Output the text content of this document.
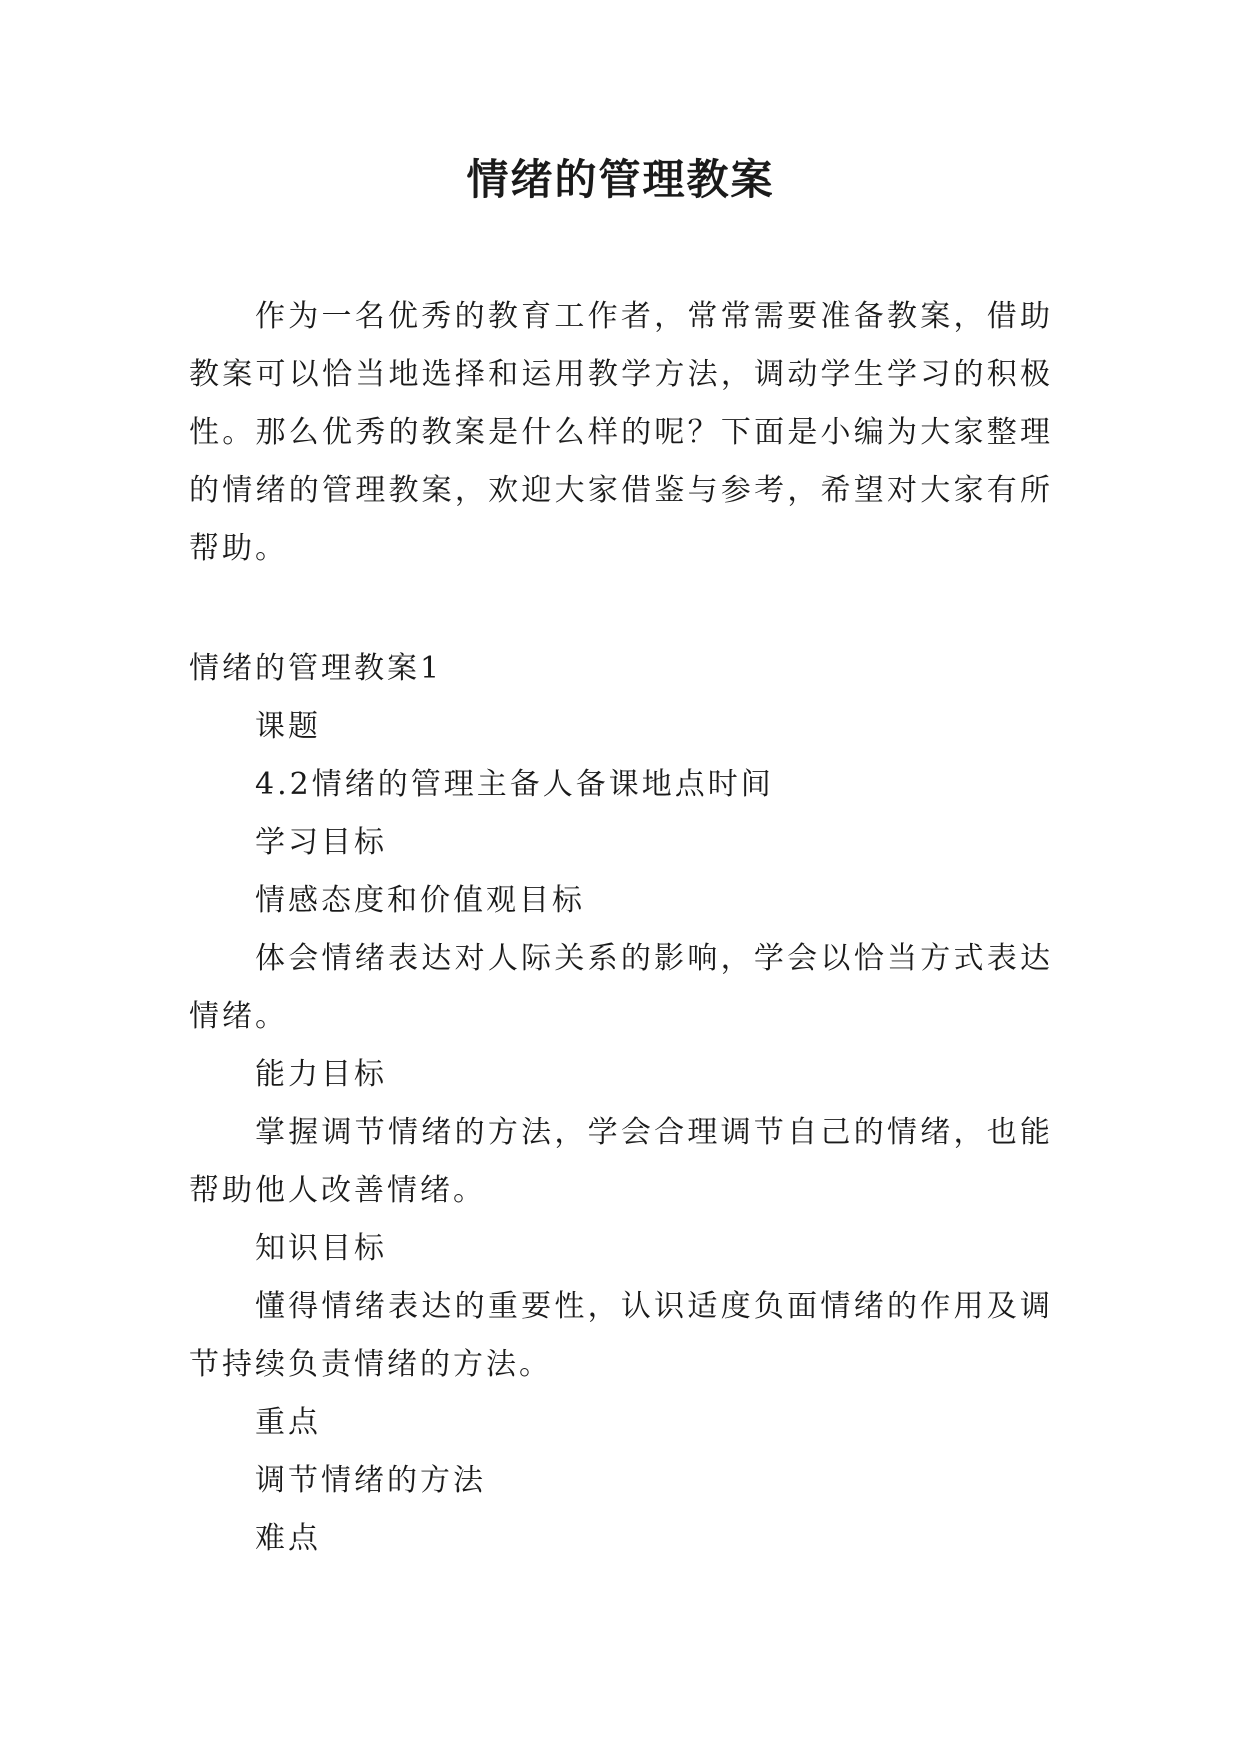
情绪的管理教案
作为一名优秀的教育工作者，常常需要准备教案，借助教案可以恰当地选择和运用教学方法，调动学生学习的积极性。那么优秀的教案是什么样的呢？下面是小编为大家整理的情绪的管理教案，欢迎大家借鉴与参考，希望对大家有所帮助。
情绪的管理教案1

课题

4.2情绪的管理主备人备课地点时间

学习目标

情感态度和价值观目标

体会情绪表达对人际关系的影响，学会以恰当方式表达情绪。

能力目标

掌握调节情绪的方法，学会合理调节自己的情绪，也能帮助他人改善情绪。

知识目标

懂得情绪表达的重要性，认识适度负面情绪的作用及调节持续负责情绪的方法。

重点

调节情绪的方法

难点
